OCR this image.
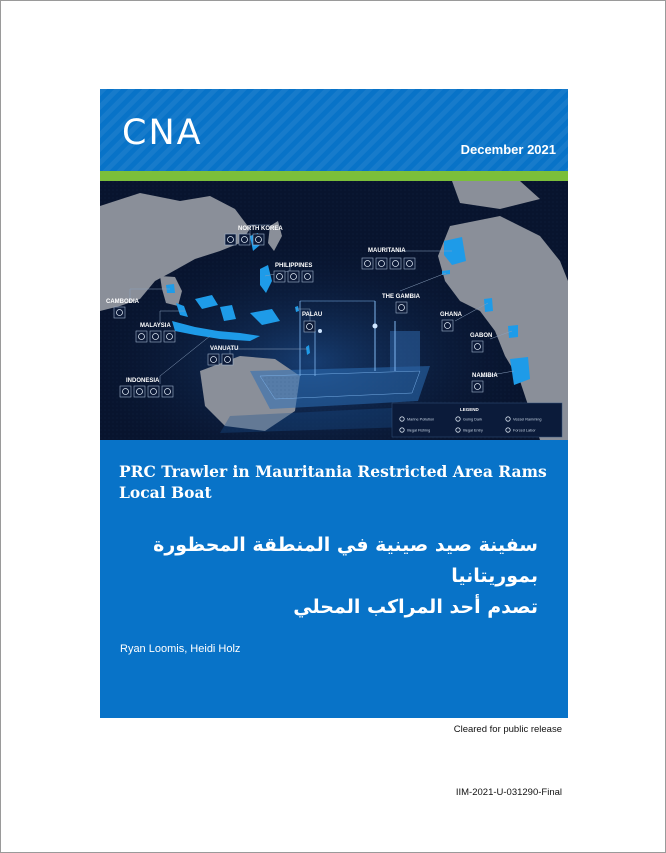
CNA	December 2021
NORTH KOREA
PHILIPPINES
CAMBODIA
MALAYSIA
PALAU
VANUATU
INDONESIA
MAURITANIA
THE GAMBIA
GHANA
GABON
NAMIBIA
LEGEND
Marine Pollution	Going Dark	Vessel Ramming
Illegal Fishing	Illegal Entry	Forced Labor
PRC Trawler in Mauritania Restricted Area Rams Local Boat
سفينة صيد صينية في المنطقة المحظورة بموريتانيا
تصدم أحد المراكب المحلي
Ryan Loomis, Heidi Holz
Cleared for public release
IIM-2021-U-031290-Final
